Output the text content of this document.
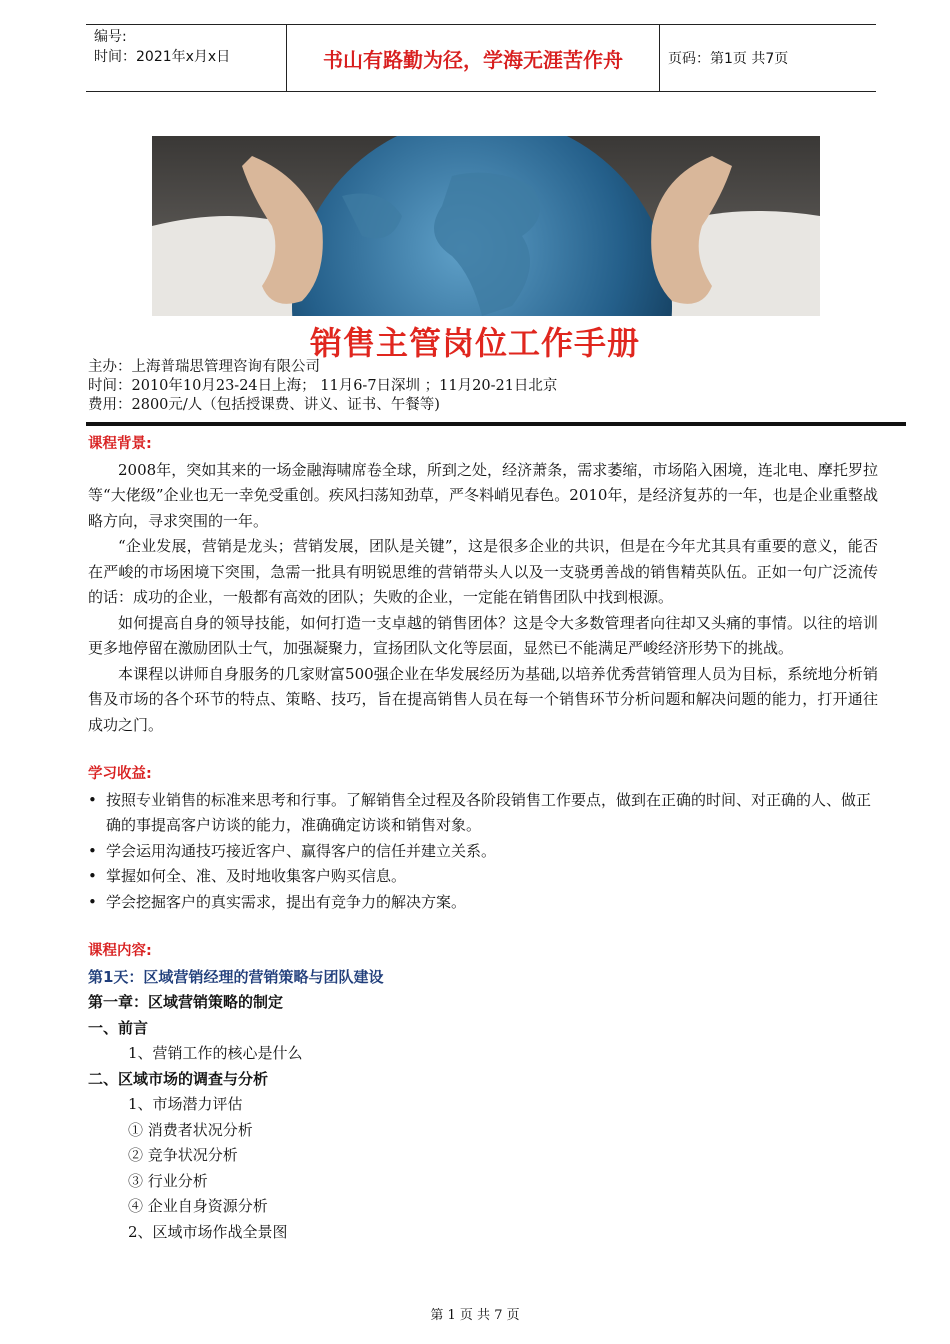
编号:
时间：2021年x月x日	书山有路勤为径，学海无涯苦作舟	页码：第1页 共7页
销售主管岗位工作手册
主办：上海普瑞思管理咨询有限公司
时间：2010年10月23-24日上海； 11月6-7日深圳 ；11月20-21日北京
费用：2800元/人（包括授课费、讲义、证书、午餐等)
课程背景:

2008年，突如其来的一场金融海啸席卷全球，所到之处，经济萧条，需求萎缩，市场陷入困境，连北电、摩托罗拉等“大佬级”企业也无一幸免受重创。疾风扫荡知劲草，严冬料峭见春色。2010年，是经济复苏的一年，也是企业重整战略方向，寻求突围的一年。

“企业发展，营销是龙头；营销发展，团队是关键”，这是很多企业的共识，但是在今年尤其具有重要的意义，能否在严峻的市场困境下突围，急需一批具有明锐思维的营销带头人以及一支骁勇善战的销售精英队伍。正如一句广泛流传的话：成功的企业，一般都有高效的团队；失败的企业，一定能在销售团队中找到根源。

如何提高自身的领导技能，如何打造一支卓越的销售团体？这是令大多数管理者向往却又头痛的事情。以往的培训更多地停留在激励团队士气，加强凝聚力，宣扬团队文化等层面，显然已不能满足严峻经济形势下的挑战。

本课程以讲师自身服务的几家财富500强企业在华发展经历为基础,以培养优秀营销管理人员为目标，系统地分析销售及市场的各个环节的特点、策略、技巧，旨在提高销售人员在每一个销售环节分析问题和解决问题的能力，打开通往成功之门。

学习收益:
• 按照专业销售的标准来思考和行事。了解销售全过程及各阶段销售工作要点，做到在正确的时间、对正确的人、做正确的事提高客户访谈的能力，准确确定访谈和销售对象。
• 学会运用沟通技巧接近客户、赢得客户的信任并建立关系。
• 掌握如何全、准、及时地收集客户购买信息。
• 学会挖掘客户的真实需求，提出有竞争力的解决方案。
课程内容:
第1天：区域营销经理的营销策略与团队建设
第一章：区域营销策略的制定
一、前言
1、营销工作的核心是什么
二、区域市场的调查与分析
1、市场潜力评估
① 消费者状况分析
② 竞争状况分析
③ 行业分析
④ 企业自身资源分析
2、区域市场作战全景图
第 1 页 共 7 页
